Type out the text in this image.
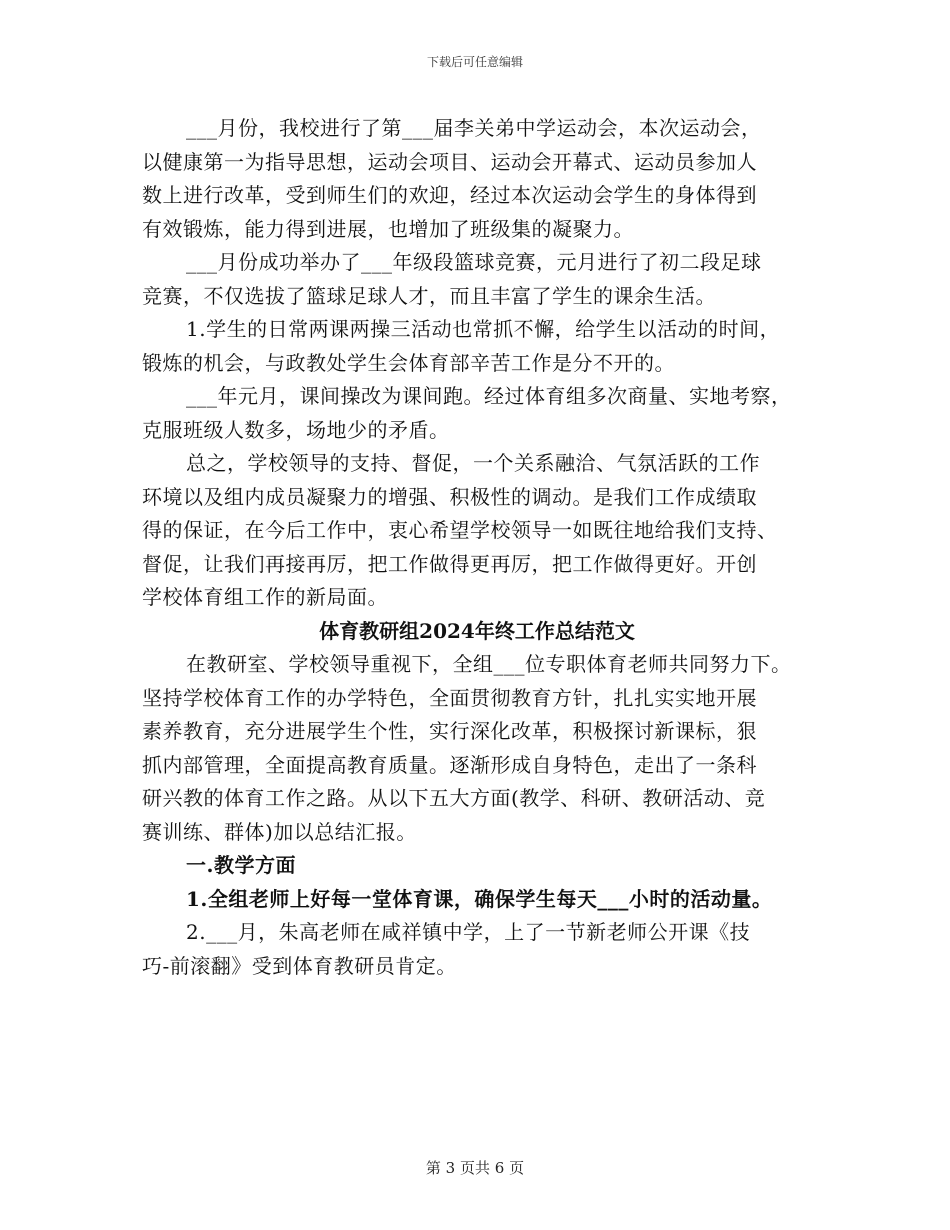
下载后可任意编辑
___月份，我校进行了第___届李关弟中学运动会，本次运动会，
以健康第一为指导思想，运动会项目、运动会开幕式、运动员参加人
数上进行改革，受到师生们的欢迎，经过本次运动会学生的身体得到
有效锻炼，能力得到进展，也增加了班级集的凝聚力。
___月份成功举办了___年级段篮球竞赛，元月进行了初二段足球
竞赛，不仅选拔了篮球足球人才，而且丰富了学生的课余生活。
1.学生的日常两课两操三活动也常抓不懈，给学生以活动的时间，
锻炼的机会，与政教处学生会体育部辛苦工作是分不开的。
___年元月，课间操改为课间跑。经过体育组多次商量、实地考察，
克服班级人数多，场地少的矛盾。
总之，学校领导的支持、督促，一个关系融洽、气氛活跃的工作
环境以及组内成员凝聚力的增强、积极性的调动。是我们工作成绩取
得的保证，在今后工作中，衷心希望学校领导一如既往地给我们支持、
督促，让我们再接再厉，把工作做得更再厉，把工作做得更好。开创
学校体育组工作的新局面。
体育教研组2024年终工作总结范文
在教研室、学校领导重视下，全组___位专职体育老师共同努力下。
坚持学校体育工作的办学特色，全面贯彻教育方针，扎扎实实地开展
素养教育，充分进展学生个性，实行深化改革，积极探讨新课标，狠
抓内部管理，全面提高教育质量。逐渐形成自身特色，走出了一条科
研兴教的体育工作之路。从以下五大方面(教学、科研、教研活动、竞
赛训练、群体)加以总结汇报。
一.教学方面
1.全组老师上好每一堂体育课，确保学生每天___小时的活动量。
2.___月，朱高老师在咸祥镇中学，上了一节新老师公开课《技
巧-前滚翻》受到体育教研员肯定。
第 3 页共 6 页
